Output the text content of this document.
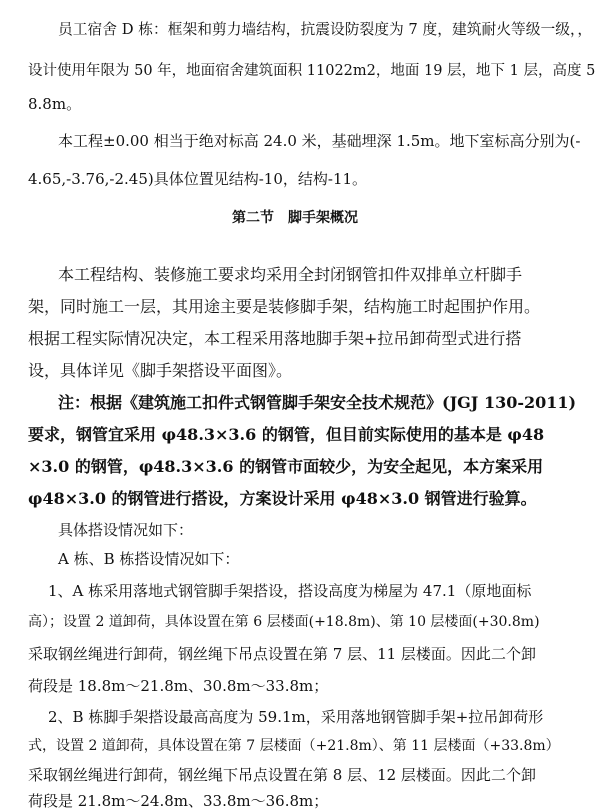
员工宿舍 D 栋：框架和剪力墙结构，抗震设防裂度为 7 度，建筑耐火等级一级，，
设计使用年限为 50 年，地面宿舍建筑面积 11022m2，地面 19 层，地下 1 层，高度 5
8.8m。
本工程±0.00 相当于绝对标高 24.0 米，基础埋深 1.5m。地下室标高分别为(-
4.65,-3.76,-2.45)具体位置见结构-10，结构-11。
第二节　脚手架概况
本工程结构、装修施工要求均采用全封闭钢管扣件双排单立杆脚手
架，同时施工一层，其用途主要是装修脚手架，结构施工时起围护作用。
根据工程实际情况决定，本工程采用落地脚手架+拉吊卸荷型式进行搭
设，具体详见《脚手架搭设平面图》。
注：根据《建筑施工扣件式钢管脚手架安全技术规范》(JGJ 130-2011)
要求，钢管宜采用 φ48.3×3.6 的钢管，但目前实际使用的基本是 φ48
×3.0 的钢管，φ48.3×3.6 的钢管市面较少，为安全起见，本方案采用
φ48×3.0 的钢管进行搭设，方案设计采用 φ48×3.0 钢管进行验算。
具体搭设情况如下：
A 栋、B 栋搭设情况如下：
1、A 栋采用落地式钢管脚手架搭设，搭设高度为梯屋为 47.1（原地面标
高）；设置 2 道卸荷，具体设置在第 6 层楼面(+18.8m)、第 10 层楼面(+30.8m)
采取钢丝绳进行卸荷，钢丝绳下吊点设置在第 7 层、11 层楼面。因此二个卸
荷段是 18.8m～21.8m、30.8m～33.8m；
2、B 栋脚手架搭设最高高度为 59.1m，采用落地钢管脚手架+拉吊卸荷形
式，设置 2 道卸荷，具体设置在第 7 层楼面（+21.8m）、第 11 层楼面（+33.8m）
采取钢丝绳进行卸荷，钢丝绳下吊点设置在第 8 层、12 层楼面。因此二个卸
荷段是 21.8m～24.8m、33.8m～36.8m；
